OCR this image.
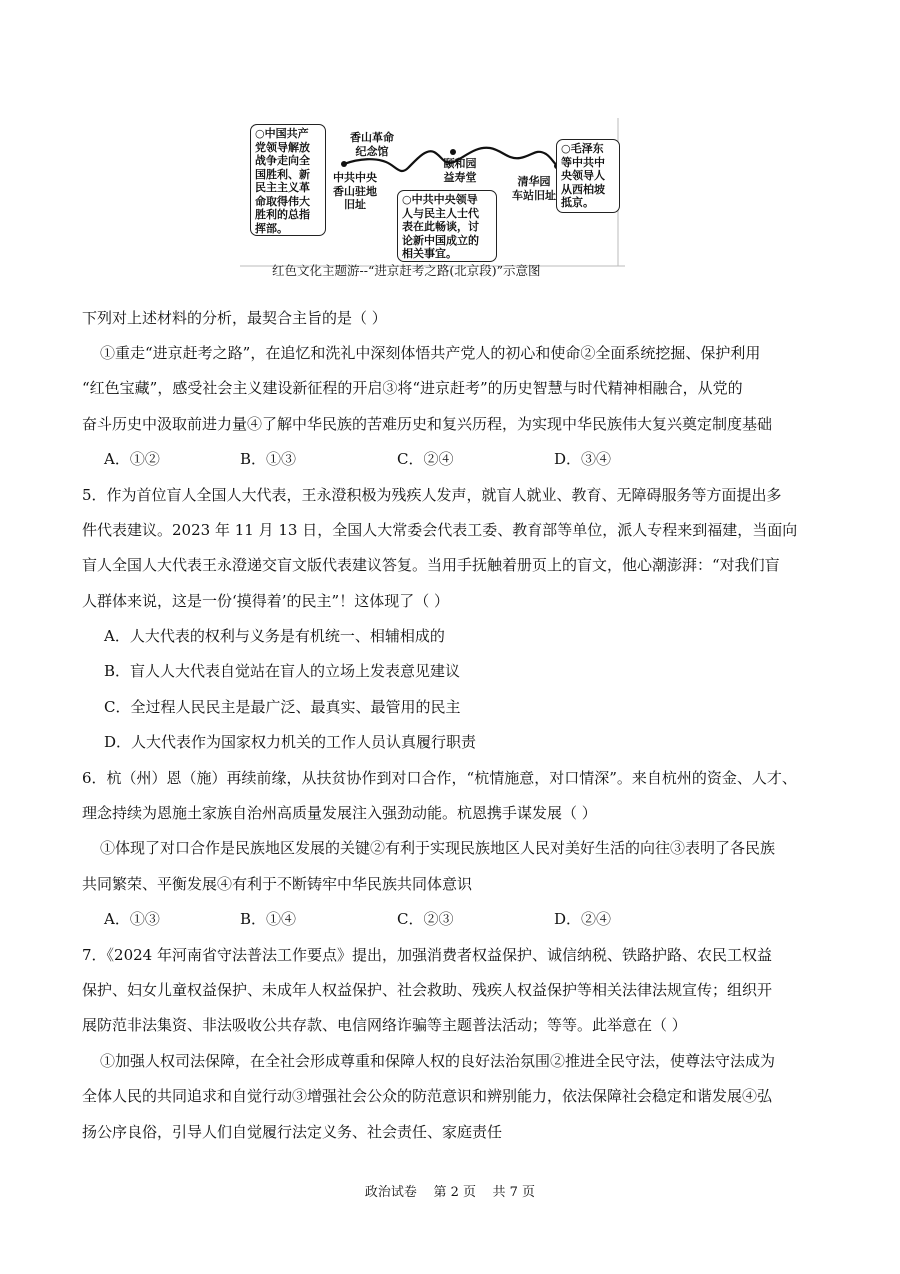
○中国共产
党领导解放
战争走向全
国胜利、新
民主主义革
命取得伟大
胜利的总指
挥部。
香山革命
纪念馆
中共中央
香山驻地
旧址
颐和园
益寿堂
○中共中央领导
人与民主人士代
表在此畅谈，讨
论新中国成立的
相关事宜。
清华园
车站旧址
○毛泽东
等中共中
央领导人
从西柏坡
抵京。
红色文化主题游--“进京赶考之路(北京段)”示意图
下列对上述材料的分析，最契合主旨的是（ ）
①重走“进京赶考之路”，在追忆和洗礼中深刻体悟共产党人的初心和使命②全面系统挖掘、保护利用
“红色宝藏”，感受社会主义建设新征程的开启③将“进京赶考”的历史智慧与时代精神相融合，从党的
奋斗历史中汲取前进力量④了解中华民族的苦难历史和复兴历程，为实现中华民族伟大复兴奠定制度基础
A．①②	B．①③	C．②④	D．③④
5．作为首位盲人全国人大代表，王永澄积极为残疾人发声，就盲人就业、教育、无障碍服务等方面提出多
件代表建议。2023 年 11 月 13 日，全国人大常委会代表工委、教育部等单位，派人专程来到福建，当面向
盲人全国人大代表王永澄递交盲文版代表建议答复。当用手抚触着册页上的盲文，他心潮澎湃：“对我们盲
人群体来说，这是一份‘摸得着’的民主”！这体现了（ ）
A．人大代表的权利与义务是有机统一、相辅相成的
B．盲人人大代表自觉站在盲人的立场上发表意见建议
C．全过程人民民主是最广泛、最真实、最管用的民主
D．人大代表作为国家权力机关的工作人员认真履行职责
6．杭（州）恩（施）再续前缘，从扶贫协作到对口合作，“杭情施意，对口情深”。来自杭州的资金、人才、
理念持续为恩施土家族自治州高质量发展注入强劲动能。杭恩携手谋发展（ ）
①体现了对口合作是民族地区发展的关键②有利于实现民族地区人民对美好生活的向往③表明了各民族
共同繁荣、平衡发展④有利于不断铸牢中华民族共同体意识
A．①③	B．①④	C．②③	D．②④
7．《2024 年河南省守法普法工作要点》提出，加强消费者权益保护、诚信纳税、铁路护路、农民工权益
保护、妇女儿童权益保护、未成年人权益保护、社会救助、残疾人权益保护等相关法律法规宣传；组织开
展防范非法集资、非法吸收公共存款、电信网络诈骗等主题普法活动；等等。此举意在（ ）
①加强人权司法保障，在全社会形成尊重和保障人权的良好法治氛围②推进全民守法，使尊法守法成为
全体人民的共同追求和自觉行动③增强社会公众的防范意识和辨别能力，依法保障社会稳定和谐发展④弘
扬公序良俗，引导人们自觉履行法定义务、社会责任、家庭责任
政治试卷    第 2 页    共 7 页
